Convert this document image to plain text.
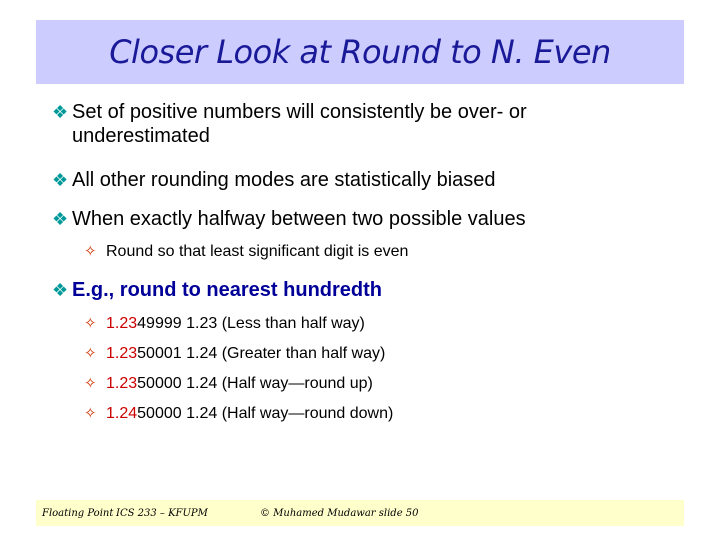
Closer Look at Round to N. Even
❖ Set of positive numbers will consistently be over- or underestimated
❖ All other rounding modes are statistically biased
❖ When exactly halfway between two possible values
✧ Round so that least significant digit is even
❖ E.g., round to nearest hundredth
✧ 1.2349999 1.23 (Less than half way)
✧ 1.2350001 1.24 (Greater than half way)
✧ 1.2350000 1.24 (Half way—round up)
✧ 1.2450000 1.24 (Half way—round down)
Floating Point ICS 233 – KFUPM	© Muhamed Mudawar slide 50
